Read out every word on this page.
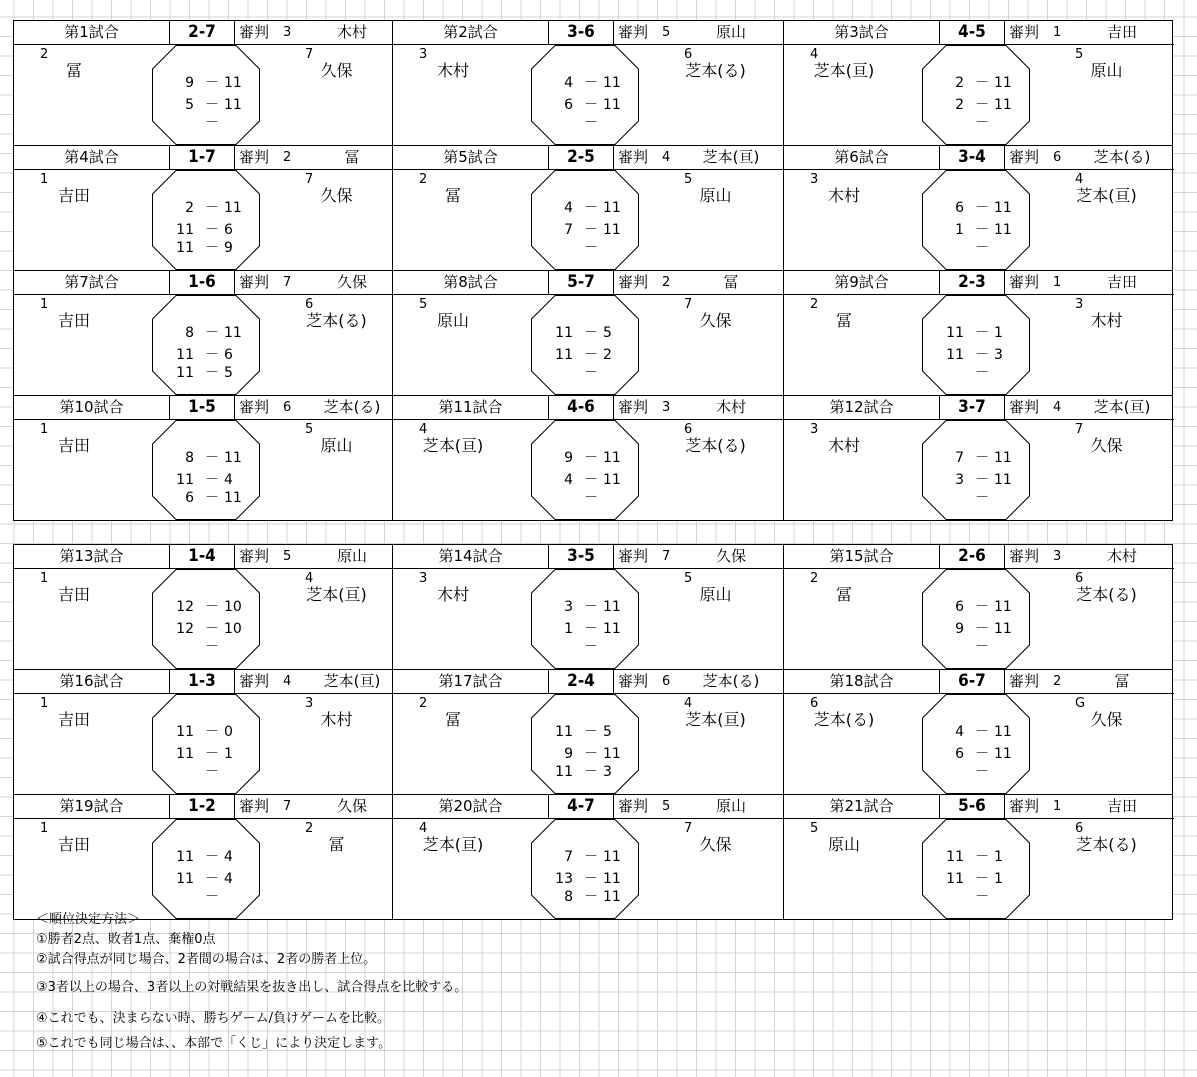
第1試合	2-7	審判	3	木村
2
冨
7
久保
9 － 11
5 － 11
－
第2試合	3-6	審判	5	原山
3
木村
6
芝本(る)
4 － 11
6 － 11
－
第3試合	4-5	審判	1	吉田
4
芝本(亘)
5
原山
2 － 11
2 － 11
－
第4試合	1-7	審判	2	冨
1
吉田
7
久保
2 － 11
11 － 6
11 － 9
第5試合	2-5	審判	4	芝本(亘)
2
冨
5
原山
4 － 11
7 － 11
－
第6試合	3-4	審判	6	芝本(る)
3
木村
4
芝本(亘)
6 － 11
1 － 11
－
第7試合	1-6	審判	7	久保
1
吉田
6
芝本(る)
8 － 11
11 － 6
11 － 5
第8試合	5-7	審判	2	冨
5
原山
7
久保
11 － 5
11 － 2
－
第9試合	2-3	審判	1	吉田
2
冨
3
木村
11 － 1
11 － 3
－
第10試合	1-5	審判	6	芝本(る)
1
吉田
5
原山
8 － 11
11 － 4
6 － 11
第11試合	4-6	審判	3	木村
4
芝本(亘)
6
芝本(る)
9 － 11
4 － 11
－
第12試合	3-7	審判	4	芝本(亘)
3
木村
7
久保
7 － 11
3 － 11
－
第13試合	1-4	審判	5	原山
1
吉田
4
芝本(亘)
12 － 10
12 － 10
－
第14試合	3-5	審判	7	久保
3
木村
5
原山
3 － 11
1 － 11
－
第15試合	2-6	審判	3	木村
2
冨
6
芝本(る)
6 － 11
9 － 11
－
第16試合	1-3	審判	4	芝本(亘)
1
吉田
3
木村
11 － 0
11 － 1
－
第17試合	2-4	審判	6	芝本(る)
2
冨
4
芝本(亘)
11 － 5
9 － 11
11 － 3
第18試合	6-7	審判	2	冨
6
芝本(る)
G
久保
4 － 11
6 － 11
－
第19試合	1-2	審判	7	久保
1
吉田
2
冨
11 － 4
11 － 4
－
第20試合	4-7	審判	5	原山
4
芝本(亘)
7
久保
7 － 11
13 － 11
8 － 11
第21試合	5-6	審判	1	吉田
5
原山
6
芝本(る)
11 － 1
11 － 1
－
＜順位決定方法＞
①勝者2点、敗者1点、棄権0点
②試合得点が同じ場合、2者間の場合は、2者の勝者上位。
③3者以上の場合、3者以上の対戦結果を抜き出し、試合得点を比較する。
④これでも、決まらない時、勝ちゲーム/負けゲームを比較。
⑤これでも同じ場合は、、本部で「くじ」により決定します。
